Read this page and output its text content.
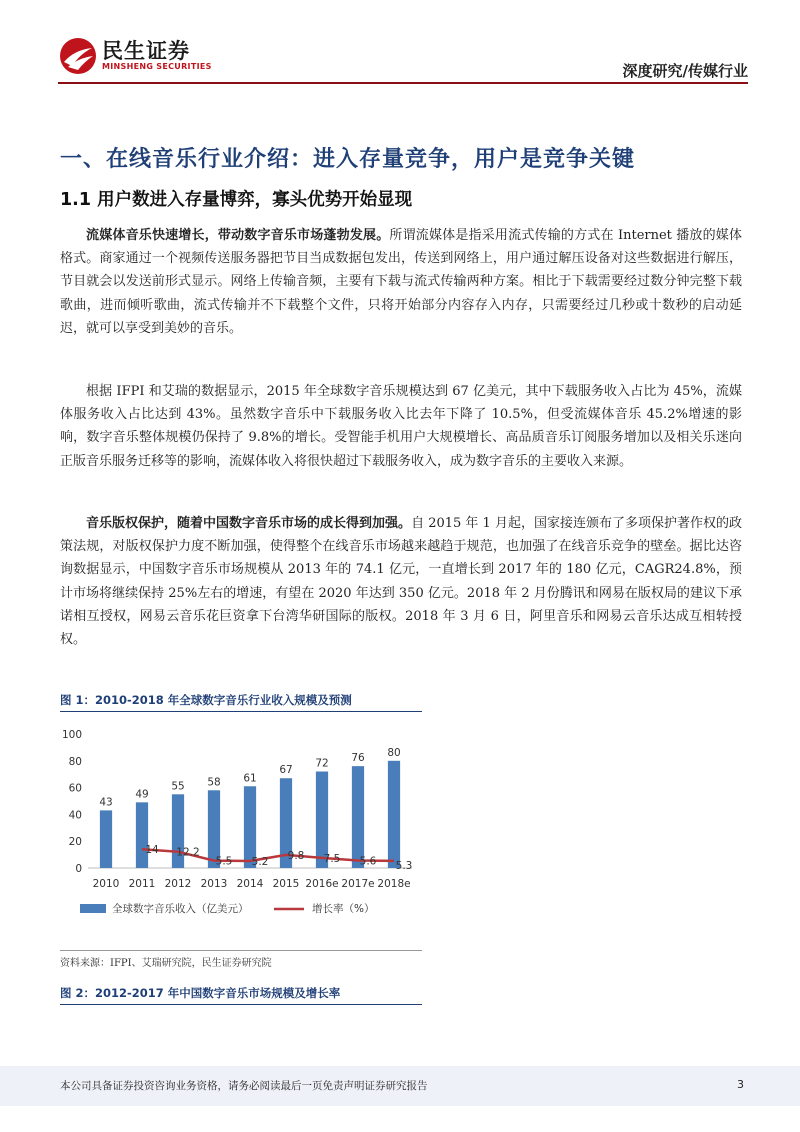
民生证券
MINSHENG SECURITIES	深度研究/传媒行业
一、在线音乐行业介绍：进入存量竞争，用户是竞争关键
1.1 用户数进入存量博弈，寡头优势开始显现
流媒体音乐快速增长，带动数字音乐市场蓬勃发展。所谓流媒体是指采用流式传输的方式在 Internet 播放的媒体格式。商家通过一个视频传送服务器把节目当成数据包发出，传送到网络上，用户通过解压设备对这些数据进行解压，节目就会以发送前形式显示。网络上传输音频，主要有下载与流式传输两种方案。相比于下载需要经过数分钟完整下载歌曲，进而倾听歌曲，流式传输并不下载整个文件，只将开始部分内容存入内存，只需要经过几秒或十数秒的启动延迟，就可以享受到美妙的音乐。
根据 IFPI 和艾瑞的数据显示，2015 年全球数字音乐规模达到 67 亿美元，其中下载服务收入占比为 45%，流媒体服务收入占比达到 43%。虽然数字音乐中下载服务收入比去年下降了 10.5%，但受流媒体音乐 45.2%增速的影响，数字音乐整体规模仍保持了 9.8%的增长。受智能手机用户大规模增长、高品质音乐订阅服务增加以及相关乐迷向正版音乐服务迁移等的影响，流媒体收入将很快超过下载服务收入，成为数字音乐的主要收入来源。
音乐版权保护，随着中国数字音乐市场的成长得到加强。自 2015 年 1 月起，国家接连颁布了多项保护著作权的政策法规，对版权保护力度不断加强，使得整个在线音乐市场越来越趋于规范，也加强了在线音乐竞争的壁垒。据比达咨询数据显示，中国数字音乐市场规模从 2013 年的 74.1 亿元，一直增长到 2017 年的 180 亿元，CAGR24.8%，预计市场将继续保持 25%左右的增速，有望在 2020 年达到 350 亿元。2018 年 2 月份腾讯和网易在版权局的建议下承诺相互授权，网易云音乐花巨资拿下台湾华研国际的版权。2018 年 3 月 6 日，阿里音乐和网易云音乐达成互相转授权。
图 1：2010-2018 年全球数字音乐行业收入规模及预测
0
20
40
60
80
100
43
49
55 58 61
67
72 76 80
14 12.2
5.5 5.2
9.8 7.5 5.6 5.3
2010 2011 2012 2013 2014 2015 2016e 2017e 2018e
全球数字音乐收入（亿美元）	增长率（%）
资料来源：IFPI、艾瑞研究院，民生证券研究院
图 2：2012-2017 年中国数字音乐市场规模及增长率
本公司具备证券投资咨询业务资格，请务必阅读最后一页免责声明证券研究报告	3
